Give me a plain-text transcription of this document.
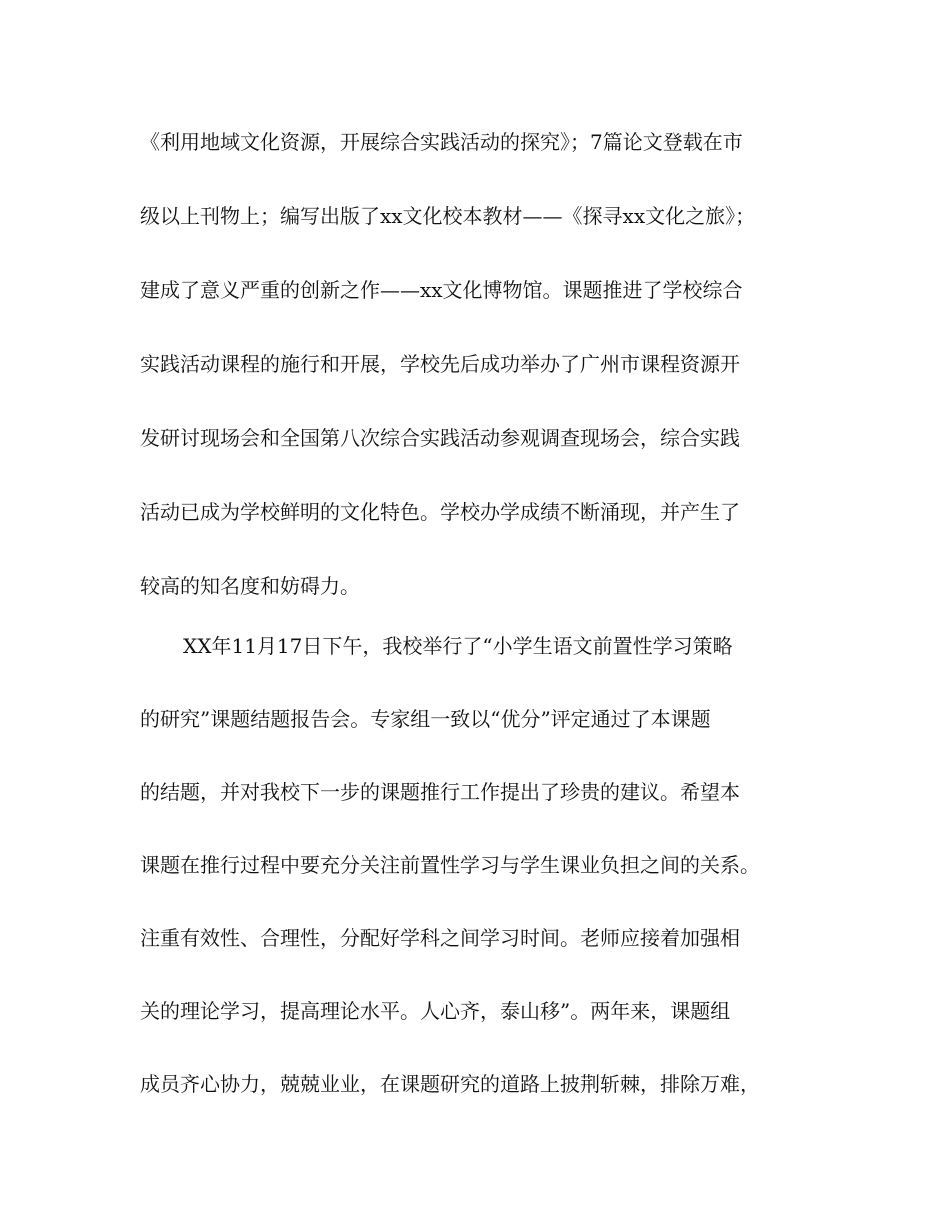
《利用地域文化资源，开展综合实践活动的探究》；7篇论文登载在市

级以上刊物上；编写出版了xx文化校本教材——《探寻xx文化之旅》；

建成了意义严重的创新之作——xx文化博物馆。课题推进了学校综合

实践活动课程的施行和开展，学校先后成功举办了广州市课程资源开

发研讨现场会和全国第八次综合实践活动参观调查现场会，综合实践

活动已成为学校鲜明的文化特色。学校办学成绩不断涌现，并产生了

较高的知名度和妨碍力。

XX年11月17日下午，我校举行了“小学生语文前置性学习策略

的研究”课题结题报告会。专家组一致以“优分”评定通过了本课题

的结题，并对我校下一步的课题推行工作提出了珍贵的建议。希望本

课题在推行过程中要充分关注前置性学习与学生课业负担之间的关系。

注重有效性、合理性，分配好学科之间学习时间。老师应接着加强相

关的理论学习，提高理论水平。人心齐，泰山移”。两年来，课题组

成员齐心协力，兢兢业业，在课题研究的道路上披荆斩棘，排除万难，
